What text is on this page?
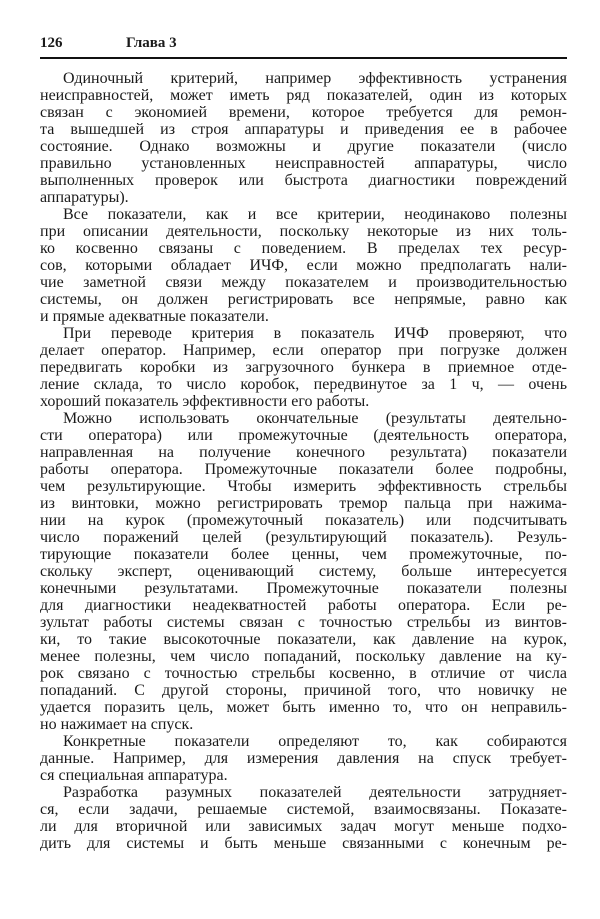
126	Глава 3
Одиночный критерий, например эффективность устранения
неисправностей, может иметь ряд показателей, один из которых
связан с экономией времени, которое требуется для ремон-
та вышедшей из строя аппаратуры и приведения ее в рабочее
состояние. Однако возможны и другие показатели (число
правильно установленных неисправностей аппаратуры, число
выполненных проверок или быстрота диагностики повреждений
аппаратуры).
Все показатели, как и все критерии, неодинаково полезны
при описании деятельности, поскольку некоторые из них толь-
ко косвенно связаны с поведением. В пределах тех ресур-
сов, которыми обладает ИЧФ, если можно предполагать нали-
чие заметной связи между показателем и производительностью
системы, он должен регистрировать все непрямые, равно как
и прямые адекватные показатели.
При переводе критерия в показатель ИЧФ проверяют, что
делает оператор. Например, если оператор при погрузке должен
передвигать коробки из загрузочного бункера в приемное отде-
ление склада, то число коробок, передвинутое за 1 ч, — очень
хороший показатель эффективности его работы.
Можно использовать окончательные (результаты деятельно-
сти оператора) или промежуточные (деятельность оператора,
направленная на получение конечного результата) показатели
работы оператора. Промежуточные показатели более подробны,
чем результирующие. Чтобы измерить эффективность стрельбы
из винтовки, можно регистрировать тремор пальца при нажима-
нии на курок (промежуточный показатель) или подсчитывать
число поражений целей (результирующий показатель). Резуль-
тирующие показатели более ценны, чем промежуточные, по-
скольку эксперт, оценивающий систему, больше интересуется
конечными результатами. Промежуточные показатели полезны
для диагностики неадекватностей работы оператора. Если ре-
зультат работы системы связан с точностью стрельбы из винтов-
ки, то такие высокоточные показатели, как давление на курок,
менее полезны, чем число попаданий, поскольку давление на ку-
рок связано с точностью стрельбы косвенно, в отличие от числа
попаданий. С другой стороны, причиной того, что новичку не
удается поразить цель, может быть именно то, что он неправиль-
но нажимает на спуск.
Конкретные показатели определяют то, как собираются
данные. Например, для измерения давления на спуск требует-
ся специальная аппаратура.
Разработка разумных показателей деятельности затрудняет-
ся, если задачи, решаемые системой, взаимосвязаны. Показате-
ли для вторичной или зависимых задач могут меньше подхо-
дить для системы и быть меньше связанными с конечным ре-
